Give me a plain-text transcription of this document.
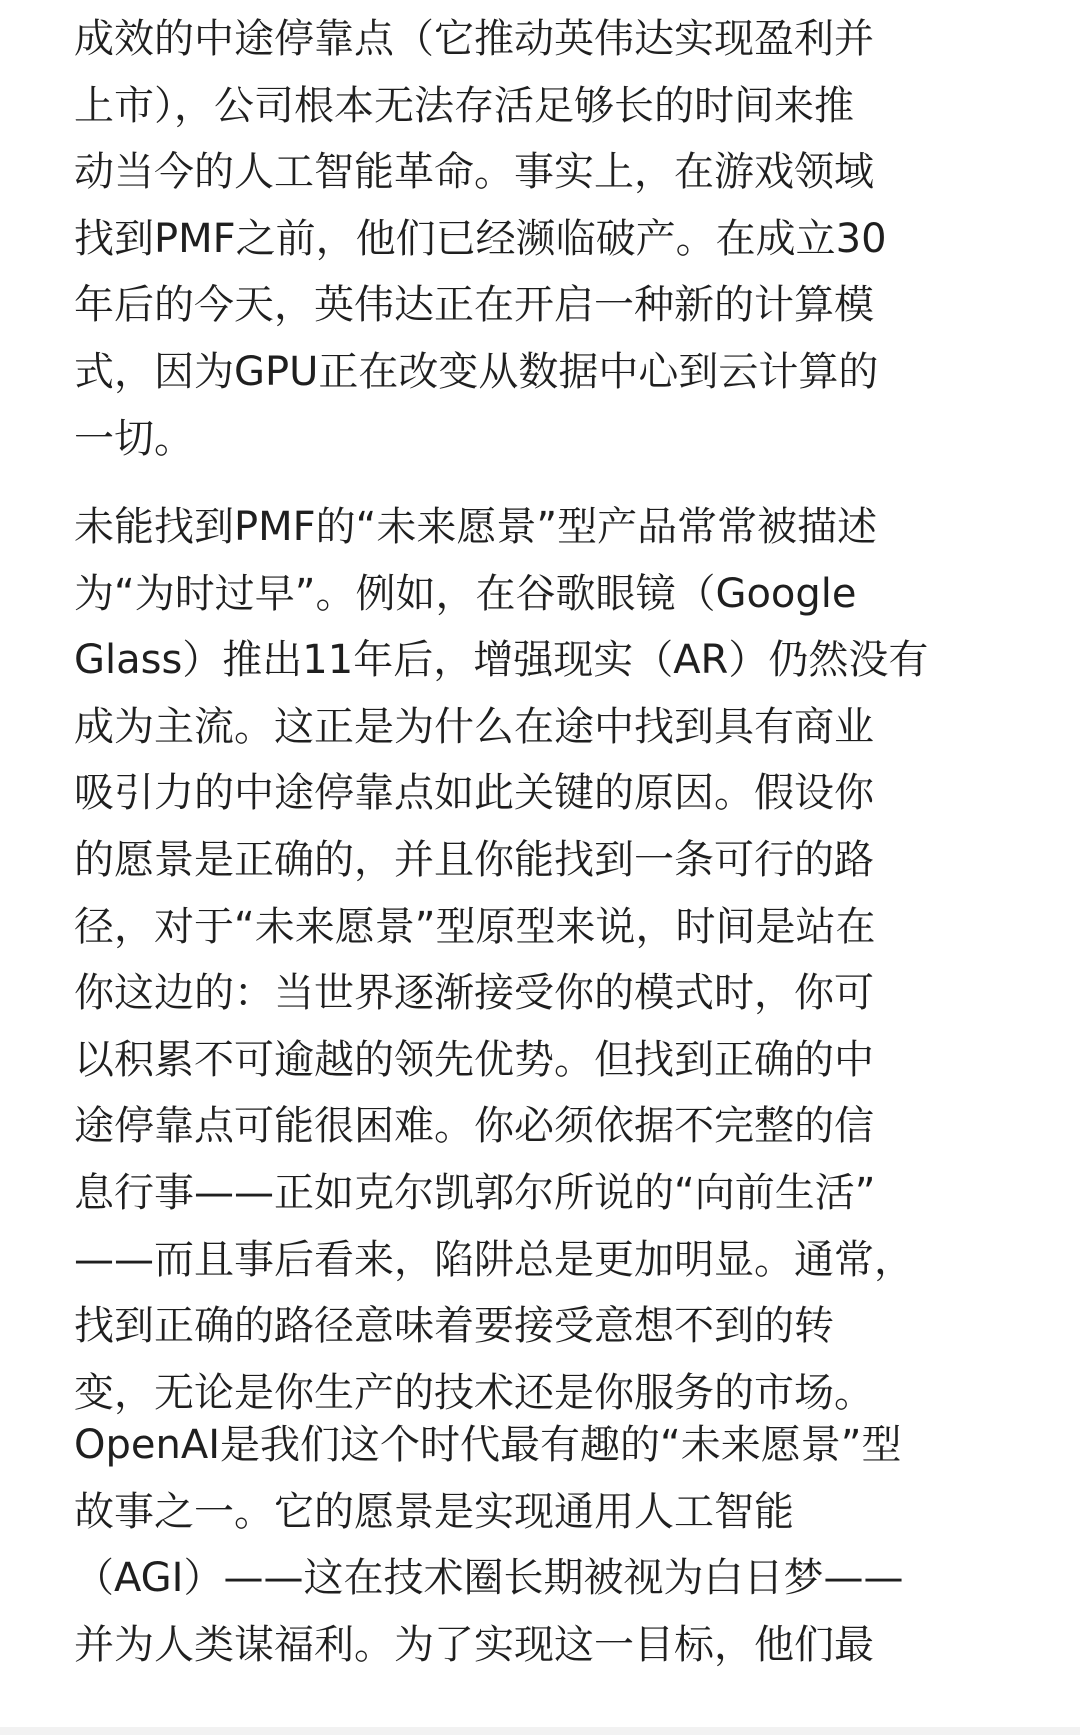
成效的中途停靠点（它推动英伟达实现盈利并
上市），公司根本无法存活足够长的时间来推
动当今的人工智能革命。事实上，在游戏领域
找到PMF之前，他们已经濒临破产。在成立30
年后的今天，英伟达正在开启一种新的计算模
式，因为GPU正在改变从数据中心到云计算的
一切。

未能找到PMF的“未来愿景”型产品常常被描述
为“为时过早”。例如，在谷歌眼镜（Google
Glass）推出11年后，增强现实（AR）仍然没有
成为主流。这正是为什么在途中找到具有商业
吸引力的中途停靠点如此关键的原因。假设你
的愿景是正确的，并且你能找到一条可行的路
径，对于“未来愿景”型原型来说，时间是站在
你这边的：当世界逐渐接受你的模式时，你可
以积累不可逾越的领先优势。但找到正确的中
途停靠点可能很困难。你必须依据不完整的信
息行事——正如克尔凯郭尔所说的“向前生活”
——而且事后看来，陷阱总是更加明显。通常，
找到正确的路径意味着要接受意想不到的转
变，无论是你生产的技术还是你服务的市场。

OpenAI是我们这个时代最有趣的“未来愿景”型
故事之一。它的愿景是实现通用人工智能
（AGI）——这在技术圈长期被视为白日梦——
并为人类谋福利。为了实现这一目标，他们最
